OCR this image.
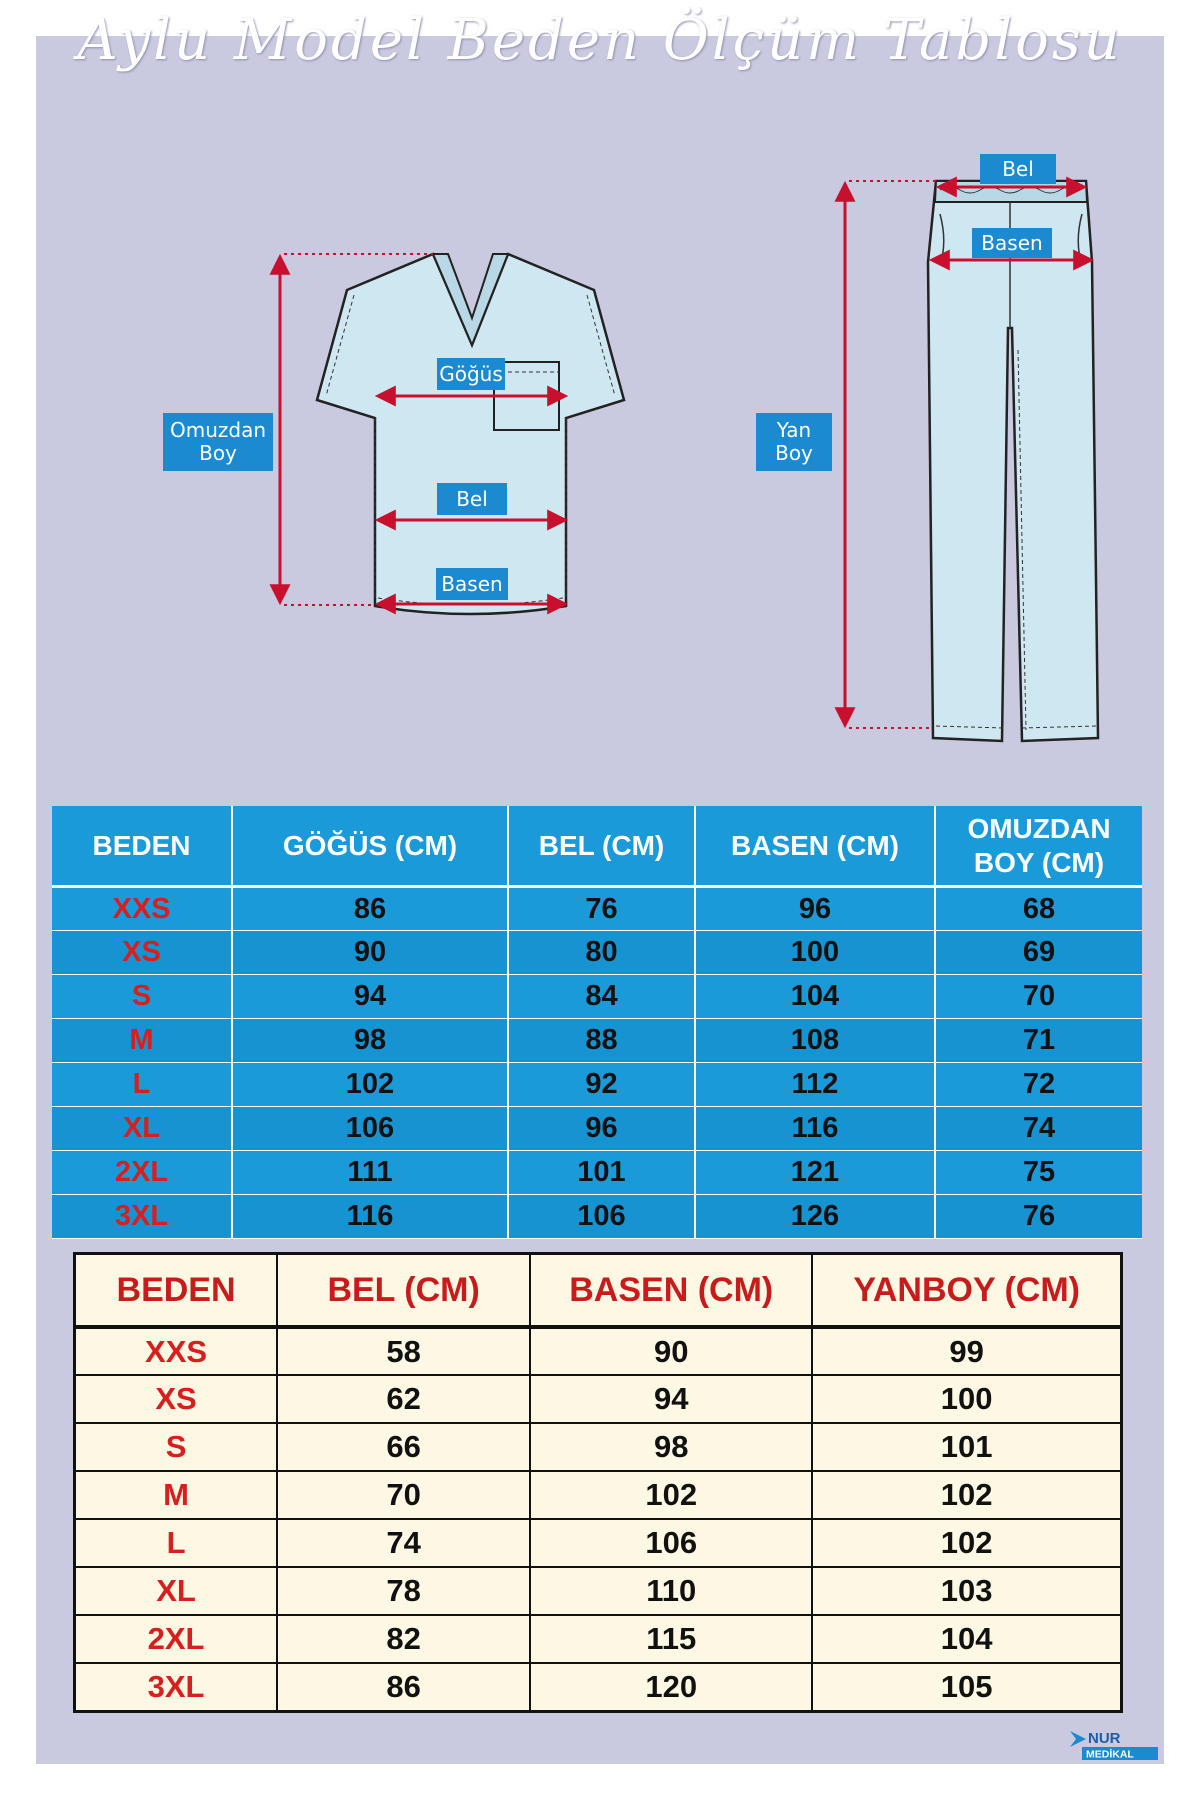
Aylu Model Beden Ölçüm Tablosu
Omuzdan
Boy
Göğüs
Bel
Basen
Bel
Basen
Yan
Boy
BEDEN	GÖĞÜS (CM)	BEL (CM)	BASEN (CM)	OMUZDAN
BOY (CM)

XXS	86	76	96	68
XS	90	80	100	69
S	94	84	104	70
M	98	88	108	71
L	102	92	112	72
XL	106	96	116	74
2XL	111	101	121	75
3XL	116	106	126	76
BEDEN	BEL (CM)	BASEN (CM)	YANBOY (CM)
XXS	58	90	99
XS	62	94	100
S	66	98	101
M	70	102	102
L	74	106	102
XL	78	110	103
2XL	82	115	104
3XL	86	120	105
NUR
MEDİKAL
